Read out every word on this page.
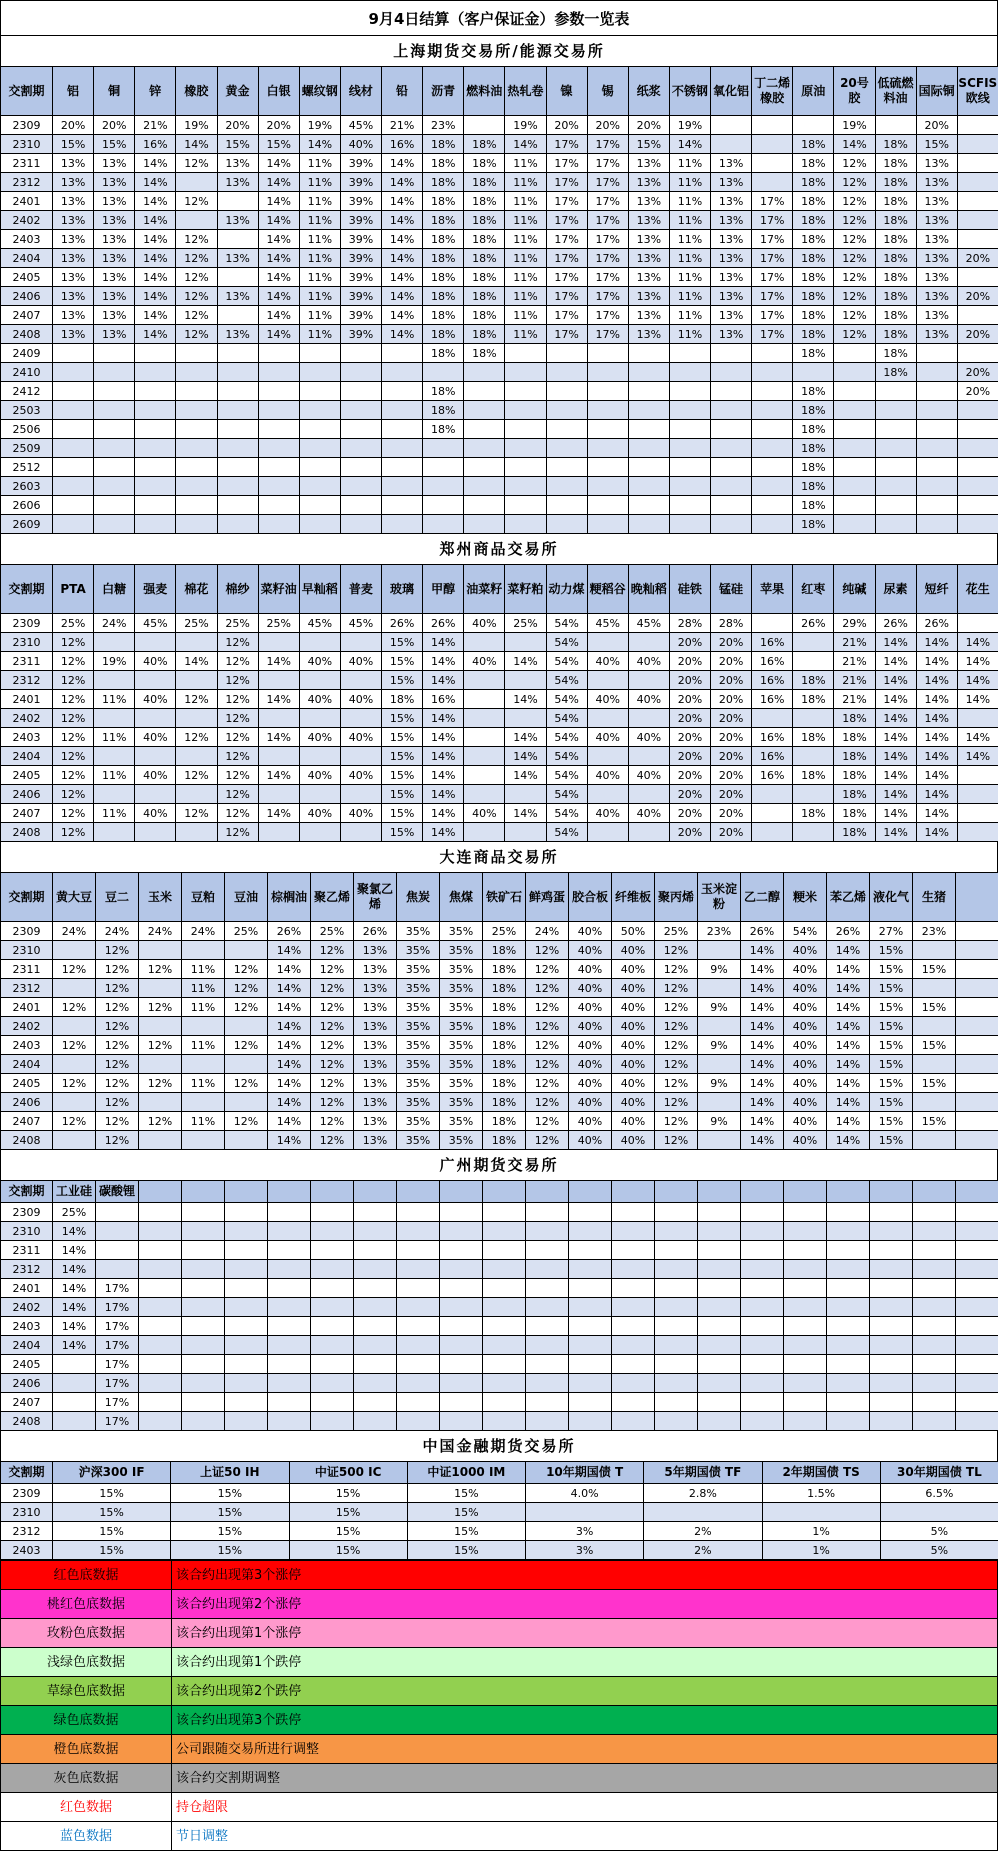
9月4日结算（客户保证金）参数一览表
上海期货交易所/能源交易所
交割期	铝	铜	锌	橡胶	黄金	白银	螺纹钢	线材	铅	沥青	燃料油	热轧卷	镍	锡	纸浆	不锈钢	氧化铝	丁二烯橡胶	原油	20号胶	低硫燃料油	国际铜	SCFIS欧线
2309	20%	20%	21%	19%	20%	20%	19%	45%	21%	23%		19%	20%	20%	20%	19%				19%		20%	
2310	15%	15%	16%	14%	15%	15%	14%	40%	16%	18%	18%	14%	17%	17%	15%	14%			18%	14%	18%	15%	
2311	13%	13%	14%	12%	13%	14%	11%	39%	14%	18%	18%	11%	17%	17%	13%	11%	13%		18%	12%	18%	13%	
2312	13%	13%	14%		13%	14%	11%	39%	14%	18%	18%	11%	17%	17%	13%	11%	13%		18%	12%	18%	13%	
2401	13%	13%	14%	12%		14%	11%	39%	14%	18%	18%	11%	17%	17%	13%	11%	13%	17%	18%	12%	18%	13%	
2402	13%	13%	14%		13%	14%	11%	39%	14%	18%	18%	11%	17%	17%	13%	11%	13%	17%	18%	12%	18%	13%	
2403	13%	13%	14%	12%		14%	11%	39%	14%	18%	18%	11%	17%	17%	13%	11%	13%	17%	18%	12%	18%	13%	
2404	13%	13%	14%	12%	13%	14%	11%	39%	14%	18%	18%	11%	17%	17%	13%	11%	13%	17%	18%	12%	18%	13%	20%
2405	13%	13%	14%	12%		14%	11%	39%	14%	18%	18%	11%	17%	17%	13%	11%	13%	17%	18%	12%	18%	13%	
2406	13%	13%	14%	12%	13%	14%	11%	39%	14%	18%	18%	11%	17%	17%	13%	11%	13%	17%	18%	12%	18%	13%	20%
2407	13%	13%	14%	12%		14%	11%	39%	14%	18%	18%	11%	17%	17%	13%	11%	13%	17%	18%	12%	18%	13%	
2408	13%	13%	14%	12%	13%	14%	11%	39%	14%	18%	18%	11%	17%	17%	13%	11%	13%	17%	18%	12%	18%	13%	20%
2409										18%	18%								18%		18%		
2410																					18%		20%
2412										18%									18%				20%
2503										18%									18%				
2506										18%									18%				
2509																			18%				
2512																			18%				
2603																			18%				
2606																			18%				
2609																			18%				
郑州商品交易所
交割期	PTA	白糖	强麦	棉花	棉纱	菜籽油	早籼稻	普麦	玻璃	甲醇	油菜籽	菜籽粕	动力煤	粳稻谷	晚籼稻	硅铁	锰硅	苹果	红枣	纯碱	尿素	短纤	花生
2309	25%	24%	45%	25%	25%	25%	45%	45%	26%	26%	40%	25%	54%	45%	45%	28%	28%		26%	29%	26%	26%	
2310	12%				12%				15%	14%			54%			20%	20%	16%		21%	14%	14%	14%
2311	12%	19%	40%	14%	12%	14%	40%	40%	15%	14%	40%	14%	54%	40%	40%	20%	20%	16%		21%	14%	14%	14%
2312	12%				12%				15%	14%			54%			20%	20%	16%	18%	21%	14%	14%	14%
2401	12%	11%	40%	12%	12%	14%	40%	40%	18%	16%		14%	54%	40%	40%	20%	20%	16%	18%	21%	14%	14%	14%
2402	12%				12%				15%	14%			54%			20%	20%			18%	14%	14%	
2403	12%	11%	40%	12%	12%	14%	40%	40%	15%	14%		14%	54%	40%	40%	20%	20%	16%	18%	18%	14%	14%	14%
2404	12%				12%				15%	14%		14%	54%			20%	20%	16%		18%	14%	14%	14%
2405	12%	11%	40%	12%	12%	14%	40%	40%	15%	14%		14%	54%	40%	40%	20%	20%	16%	18%	18%	14%	14%	
2406	12%				12%				15%	14%			54%			20%	20%			18%	14%	14%	
2407	12%	11%	40%	12%	12%	14%	40%	40%	15%	14%	40%	14%	54%	40%	40%	20%	20%		18%	18%	14%	14%	
2408	12%				12%				15%	14%			54%			20%	20%			18%	14%	14%	
大连商品交易所
交割期	黄大豆	豆二	玉米	豆粕	豆油	棕榈油	聚乙烯	聚氯乙烯	焦炭	焦煤	铁矿石	鲜鸡蛋	胶合板	纤维板	聚丙烯	玉米淀粉	乙二醇	粳米	苯乙烯	液化气	生猪	
2309	24%	24%	24%	24%	25%	26%	25%	26%	35%	35%	25%	24%	40%	50%	25%	23%	26%	54%	26%	27%	23%	
2310		12%				14%	12%	13%	35%	35%	18%	12%	40%	40%	12%		14%	40%	14%	15%		
2311	12%	12%	12%	11%	12%	14%	12%	13%	35%	35%	18%	12%	40%	40%	12%	9%	14%	40%	14%	15%	15%	
2312		12%		11%	12%	14%	12%	13%	35%	35%	18%	12%	40%	40%	12%		14%	40%	14%	15%		
2401	12%	12%	12%	11%	12%	14%	12%	13%	35%	35%	18%	12%	40%	40%	12%	9%	14%	40%	14%	15%	15%	
2402		12%				14%	12%	13%	35%	35%	18%	12%	40%	40%	12%		14%	40%	14%	15%		
2403	12%	12%	12%	11%	12%	14%	12%	13%	35%	35%	18%	12%	40%	40%	12%	9%	14%	40%	14%	15%	15%	
2404		12%				14%	12%	13%	35%	35%	18%	12%	40%	40%	12%		14%	40%	14%	15%		
2405	12%	12%	12%	11%	12%	14%	12%	13%	35%	35%	18%	12%	40%	40%	12%	9%	14%	40%	14%	15%	15%	
2406		12%				14%	12%	13%	35%	35%	18%	12%	40%	40%	12%		14%	40%	14%	15%		
2407	12%	12%	12%	11%	12%	14%	12%	13%	35%	35%	18%	12%	40%	40%	12%	9%	14%	40%	14%	15%	15%	
2408		12%				14%	12%	13%	35%	35%	18%	12%	40%	40%	12%		14%	40%	14%	15%		
广州期货交易所
交割期	工业硅	碳酸锂																				
2309	25%																					
2310	14%																					
2311	14%																					
2312	14%																					
2401	14%	17%																				
2402	14%	17%																				
2403	14%	17%																				
2404	14%	17%																				
2405		17%																				
2406		17%																				
2407		17%																				
2408		17%																				
中国金融期货交易所
交割期	沪深300 IF	上证50 IH	中证500 IC	中证1000 IM	10年期国债 T	5年期国债 TF	2年期国债 TS	30年期国债 TL
2309	15%	15%	15%	15%	4.0%	2.8%	1.5%	6.5%
2310	15%	15%	15%	15%				
2312	15%	15%	15%	15%	3%	2%	1%	5%
2403	15%	15%	15%	15%	3%	2%	1%	5%
红色底数据	该合约出现第3个涨停
桃红色底数据	该合约出现第2个涨停
玫粉色底数据	该合约出现第1个涨停
浅绿色底数据	该合约出现第1个跌停
草绿色底数据	该合约出现第2个跌停
绿色底数据	该合约出现第3个跌停
橙色底数据	公司跟随交易所进行调整
灰色底数据	该合约交割期调整
红色数据	持仓超限
蓝色数据	节日调整
